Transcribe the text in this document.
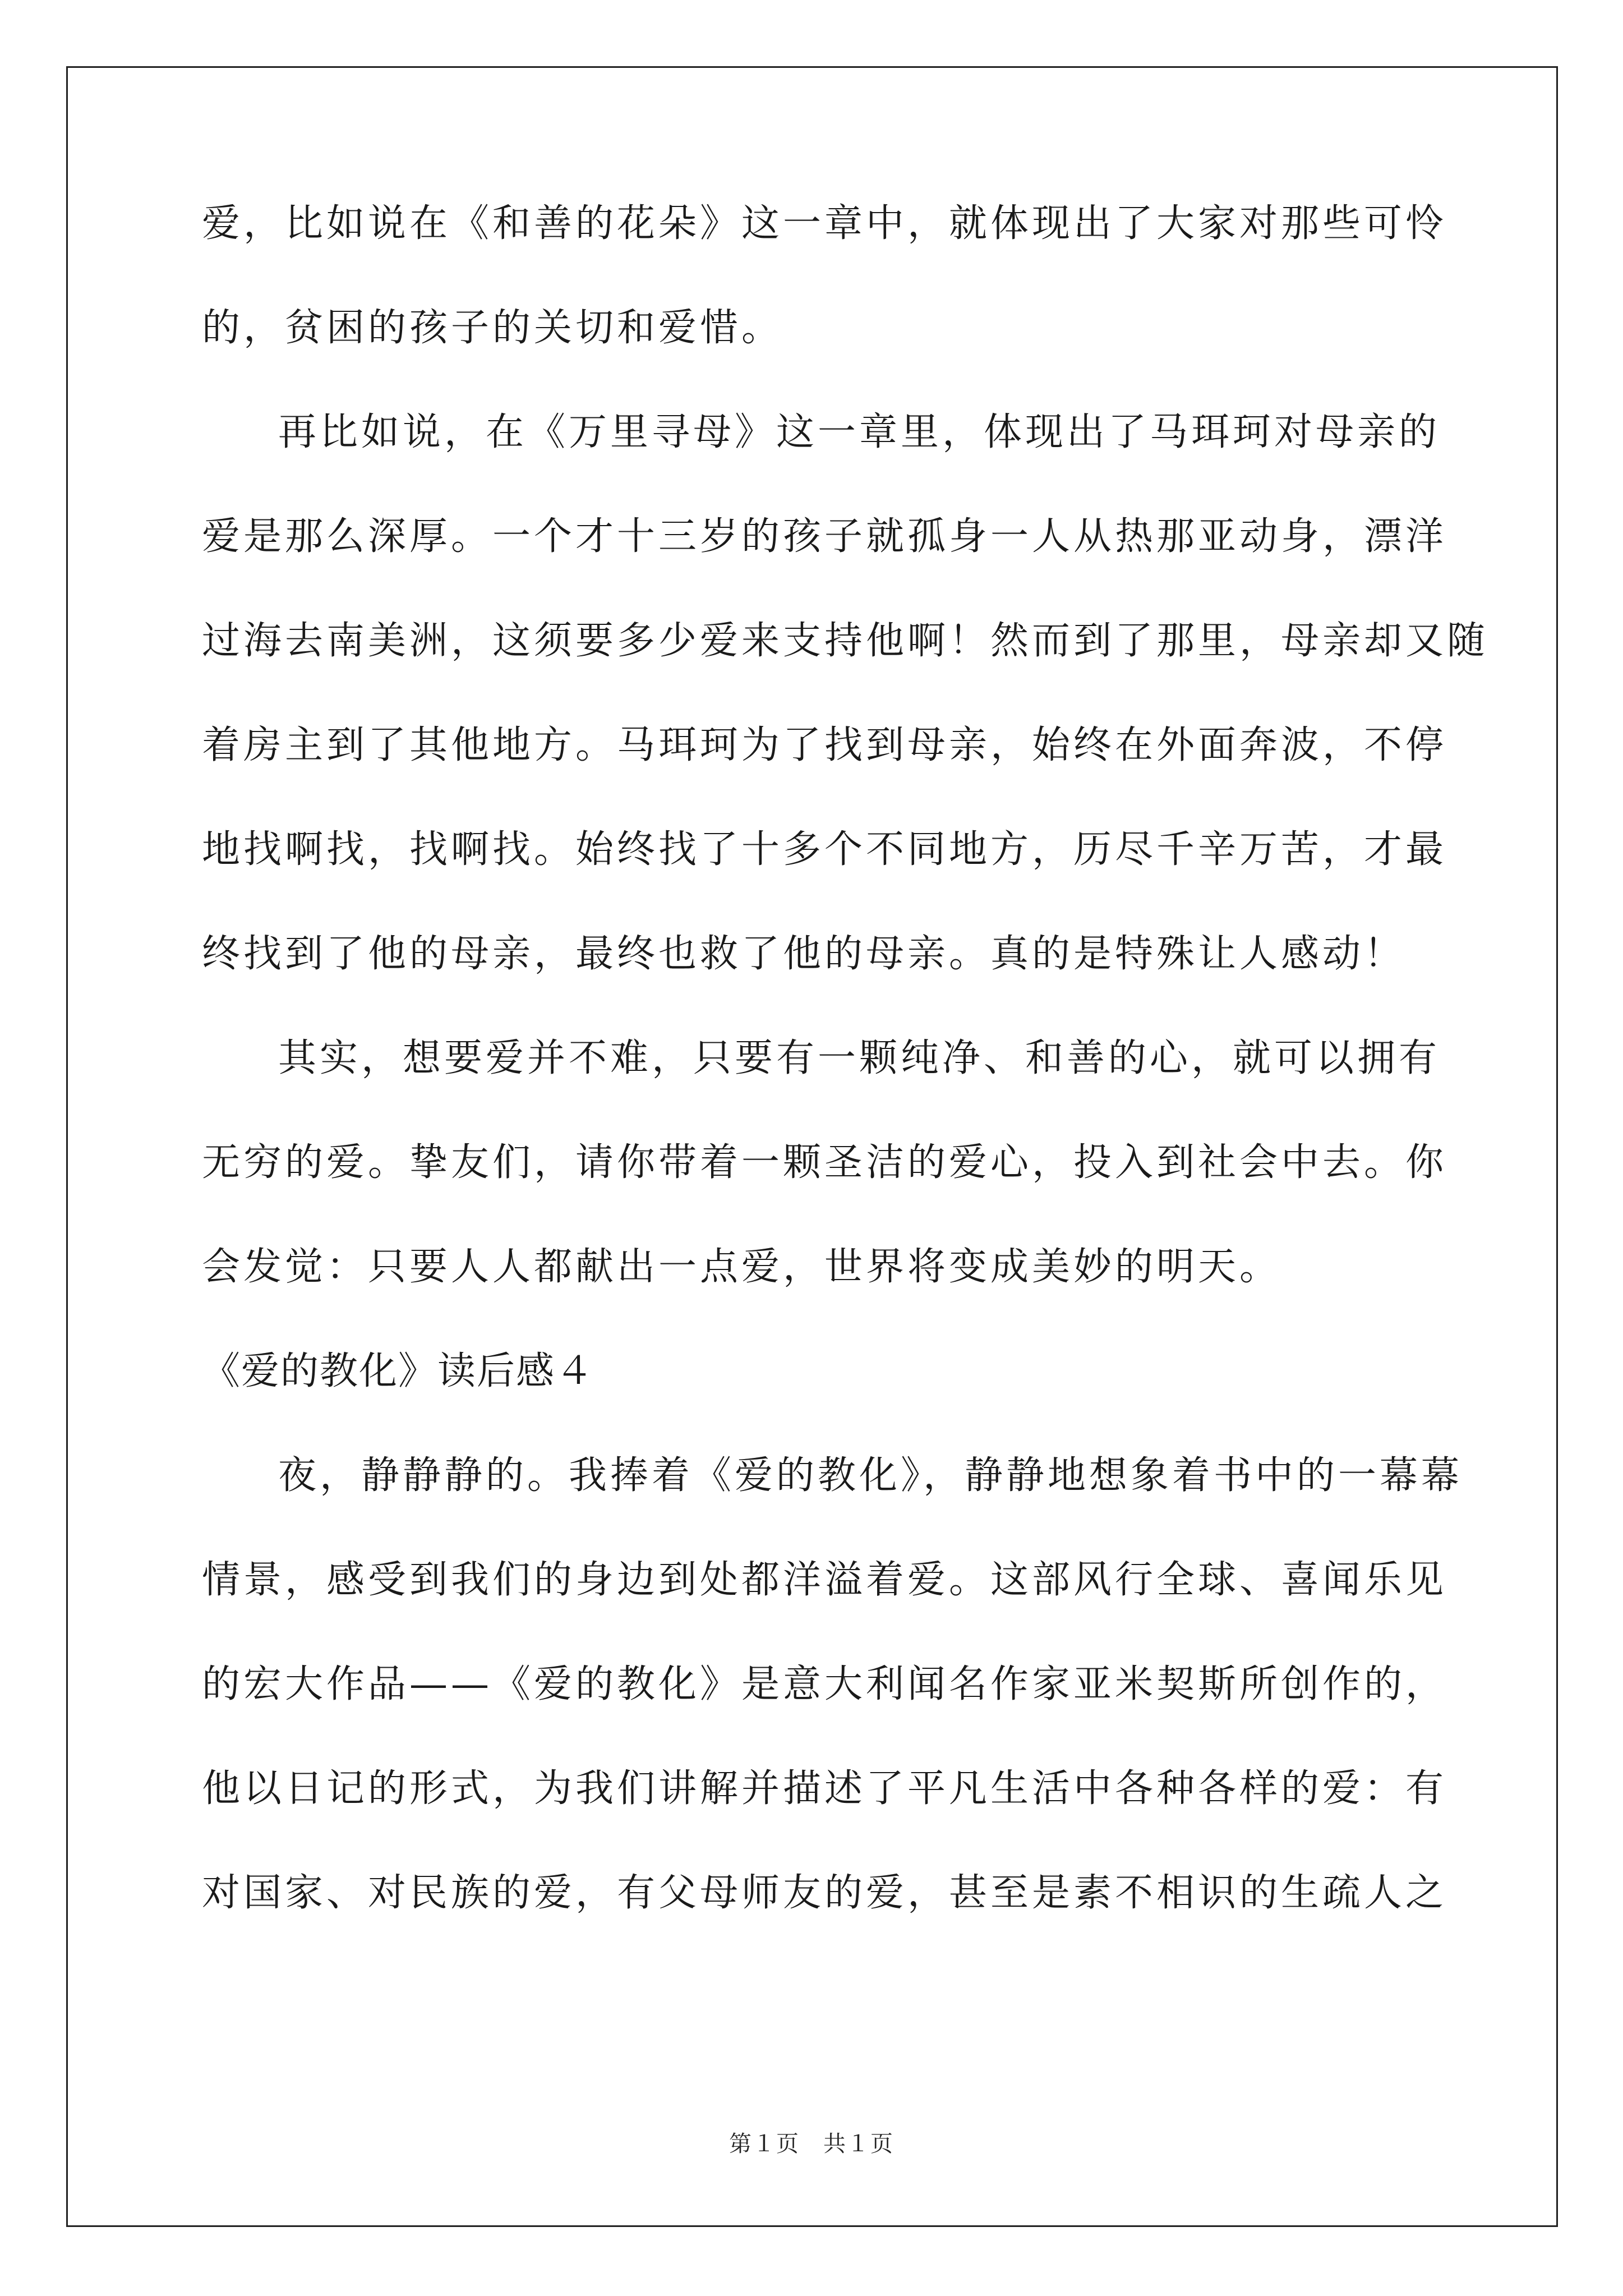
爱，比如说在《和善的花朵》这一章中，就体现出了大家对那些可怜
的，贫困的孩子的关切和爱惜。
再比如说，在《万里寻母》这一章里，体现出了马珥珂对母亲的
爱是那么深厚。一个才十三岁的孩子就孤身一人从热那亚动身，漂洋
过海去南美洲，这须要多少爱来支持他啊！然而到了那里，母亲却又随
着房主到了其他地方。马珥珂为了找到母亲，始终在外面奔波，不停
地找啊找，找啊找。始终找了十多个不同地方，历尽千辛万苦，才最
终找到了他的母亲，最终也救了他的母亲。真的是特殊让人感动！
其实，想要爱并不难，只要有一颗纯净、和善的心，就可以拥有
无穷的爱。挚友们，请你带着一颗圣洁的爱心，投入到社会中去。你
会发觉：只要人人都献出一点爱，世界将变成美妙的明天。
《爱的教化》读后感４
夜，静静静的。我捧着《爱的教化》，静静地想象着书中的一幕幕
情景，感受到我们的身边到处都洋溢着爱。这部风行全球、喜闻乐见
的宏大作品——《爱的教化》是意大利闻名作家亚米契斯所创作的，
他以日记的形式，为我们讲解并描述了平凡生活中各种各样的爱：有
对国家、对民族的爱，有父母师友的爱，甚至是素不相识的生疏人之
第１页　共１页
